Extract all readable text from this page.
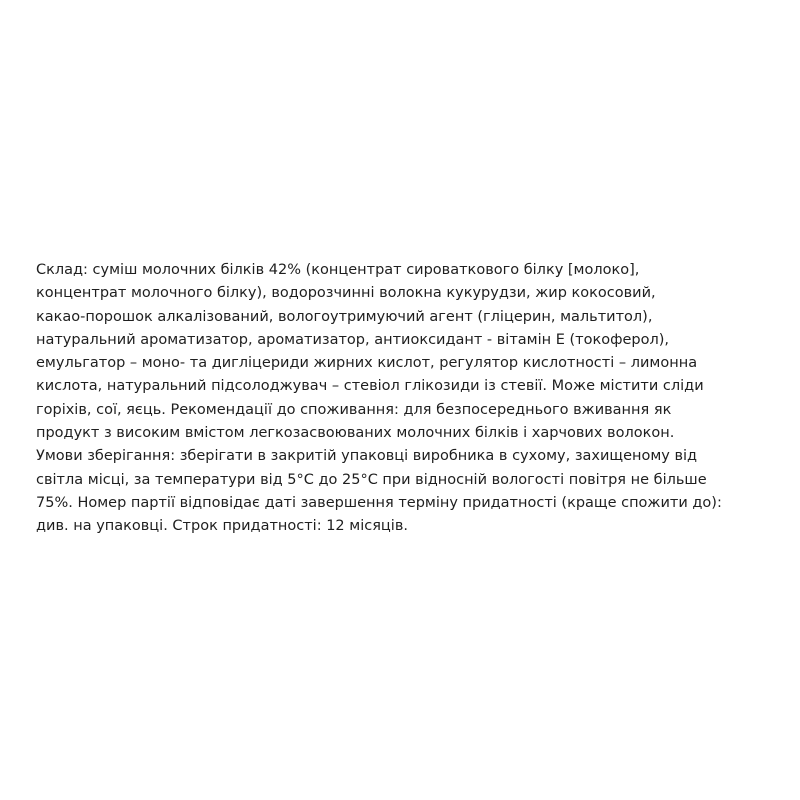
Склад: суміш молочних білків 42% (концентрат сироваткового білку [молоко],
концентрат молочного білку), водорозчинні волокна кукурудзи, жир кокосовий,
какао-порошок алкалізований, вологоутримуючий агент (гліцерин, мальтитол),
натуральний ароматизатор, ароматизатор, антиоксидант - вітамін Е (токоферол),
емульгатор – моно- та дигліцериди жирних кислот, регулятор кислотності – лимонна
кислота, натуральний підсолоджувач – стевіол глікозиди із стевії. Може містити сліди
горіхів, сої, яєць. Рекомендації до споживання: для безпосереднього вживання як
продукт з високим вмістом легкозасвоюваних молочних білків і харчових волокон.
Умови зберігання: зберігати в закритій упаковці виробника в сухому, захищеному від
світла місці, за температури від 5°С до 25°С при відносній вологості повітря не більше
75%. Номер партії відповідає даті завершення терміну придатності (краще спожити до):
див. на упаковці. Строк придатності: 12 місяців.
